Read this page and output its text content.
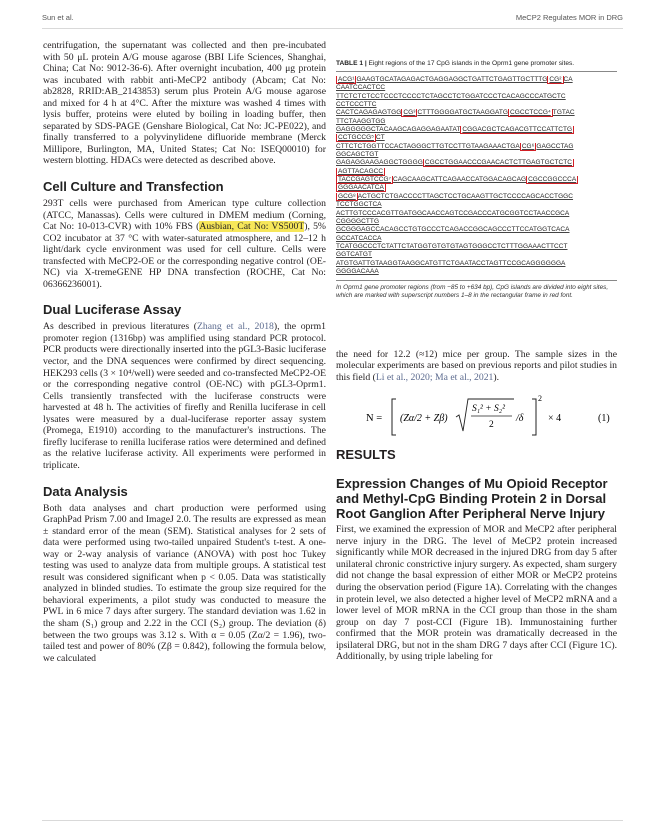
Sun et al.	MeCP2 Regulates MOR in DRG

centrifugation, the supernatant was collected and then pre-incubated with 50 μL protein A/G mouse agarose (BBI Life Sciences, Shanghai, China; Cat No: 9012-36-6). After overnight incubation, 400 μg protein was incubated with rabbit anti-MeCP2 antibody (Abcam; Cat No: ab2828, RRID:AB_2143853) serum plus Protein A/G mouse agarose and mixed for 4 h at 4°C. After the mixture was washed 4 times with lysis buffer, proteins were eluted by boiling in loading buffer, then separated by SDS-PAGE (Genshare Biological, Cat No: JC-PE022), and finally transferred to a polyvinylidene difluoride membrane (Merck Millipore, Burlington, MA, United States; Cat No: ISEQ00010) for western blotting. HDACs were detected as described above.

Cell Culture and Transfection

293T cells were purchased from American type culture collection (ATCC, Manassas). Cells were cultured in DMEM medium (Corning, Cat No: 10-013-CVR) with 10% FBS (Ausbian, Cat No: VS500T), 5% CO2 incubator at 37 °C with water-saturated atmosphere, and 12–12 h light/dark cycle environment was used for cell culture. Cells were transfected with MeCP2-OE or the corresponding negative control (OE-NC) via X-tremeGENE HP DNA transfection (ROCHE, Cat No: 06366236001).

Dual Luciferase Assay

As described in previous literatures (Zhang et al., 2018), the oprm1 promoter region (1316bp) was amplified using standard PCR protocol. PCR products were directionally inserted into the pGL3-Basic luciferase vector, and the DNA sequences were confirmed by direct sequencing. HEK293 cells (3 × 10⁴/well) were seeded and co-transfected MeCP2-OE or the corresponding negative control (OE-NC) with pGL3-Oprm1. Cells transiently transfected with the luciferase constructs were harvested at 48 h. The activities of firefly and Renilla luciferase in cell lysates were measured by a dual-luciferase reporter assay system (Promega, E1910) according to the manufacturer's instructions. The firefly luciferase to renilla luciferase ratios were determined and defined as the relative luciferase activity. All experiments were performed in triplicate.

Data Analysis

Both data analyses and chart production were performed using GraphPad Prism 7.00 and ImageJ 2.0. The results are expressed as mean ± standard error of the mean (SEM). Statistical analyses for 2 sets of data were performed using two-tailed unpaired Student's t-test. A one-way or 2-way analysis of variance (ANOVA) with post hoc Tukey testing was used to analyze data from multiple groups. A statistical test result was considered significant when p < 0.05. Data was statistically analyzed in blinded studies. To estimate the group size required for the behavioral experiments, a pilot study was conducted to measure the PWL in 6 mice 7 days after surgery. The standard deviation was 1.62 in the sham (S₁) group and 2.22 in the CCI (S₂) group. The deviation (δ) between the two groups was 3.12 s. With α = 0.05 (Zα/2 = 1.96), two-tailed test and power of 80% (Zβ = 0.842), following the formula below, we calculated

TABLE 1 | Eight regions of the 17 CpG islands in the Oprm1 gene promoter sites.
ACG¹ GAAGTGCATAGAGACTGAGGAGGCTGATTCTGAGTTGCTTTG CG² CA
CAATCCACTCC
TTCTCTCTCCTCCCTCCCCTCTAGCCTCTGGATCCCTCACAGCCCATGCTC
CCTCCCTTC
CACTCAGAGAGTGG CG³ CTTTGGGGATGCTAAGGATG CGCCTCCG⁴ TGTAC
TTCTAAGGTGG
GAGGGGGCTACAAGCAGAGGAGAATAT CGGACGCTCAGACGTTCCATTCTG
CCTGCCG⁵ CT
CTTCTCTGGTTCCACTAGGGCTTGTCCTTGTAAGAAACTGA CG⁶ GAGCCTAG
GGCAGCTGT
GAGAGGAAGAGGCTGGGG CGCCTGGAACCCGAACACTCTTGAGTGCTCTC
AGTTACAGCC
TACCGAGTCCG⁷ CAGCAAGCATTCAGAACCATGGACAGCAG CGCCGGCCCA
GGGAACATCA
GCG⁸ ACTGCTCTGACCCCTTAGCTCCTGCAAGTTGCTCCCCAGCACCTGGC
TCCTGGCTCA
ACTTGTCCCACGTTGATGGCAACCAGTCCGACCCATGCGGTCCTAACCGCA
CGGGGCTTG
GCGGGAGCCACAGCCTGTGCCCTCAGACCGGCAGCCCTTCCATGGTCACA
GCCATCACCA
TCATGGCCCTCTATTCTATGGTGTGTGTAGTGGGCCTCTTTGGAAACTTCCT
GGTCATGT
ATGTGATTGTAAGGTAAGGCATGTTCTGAATACCTAGTTCCGCAGGGGGGA
GGGGACAAA
In Oprm1 gene promoter regions (from −85 to +634 bp), CpG islands are divided into eight sites, which are marked with superscript numbers 1–8 in the rectangular frame in red font.

the need for 12.2 (≈12) mice per group. The sample sizes in the molecular experiments are based on previous reports and pilot studies in this field (Li et al., 2020; Ma et al., 2021).

N = (Zα/2 + Zβ)
S₁² + S₂²
2
/δ
2
× 4	(1)
RESULTS
Expression Changes of Mu Opioid Receptor and Methyl-CpG Binding Protein 2 in Dorsal Root Ganglion After Peripheral Nerve Injury

First, we examined the expression of MOR and MeCP2 after peripheral nerve injury in the DRG. The level of MeCP2 protein increased significantly while MOR decreased in the injured DRG from day 5 after unilateral chronic constrictive injury surgery. As expected, sham surgery did not change the basal expression of either MOR or MeCP2 proteins during the observation period (Figure 1A). Correlating with the changes in protein level, we also detected a higher level of MeCP2 mRNA and a lower level of MOR mRNA in the CCI group than those in the sham group on day 7 post-CCI (Figure 1B). Immunostaining further confirmed that the MOR protein was dramatically decreased in the ipsilateral DRG, but not in the sham DRG 7 days after CCI (Figure 1C). Additionally, by using triple labeling for
